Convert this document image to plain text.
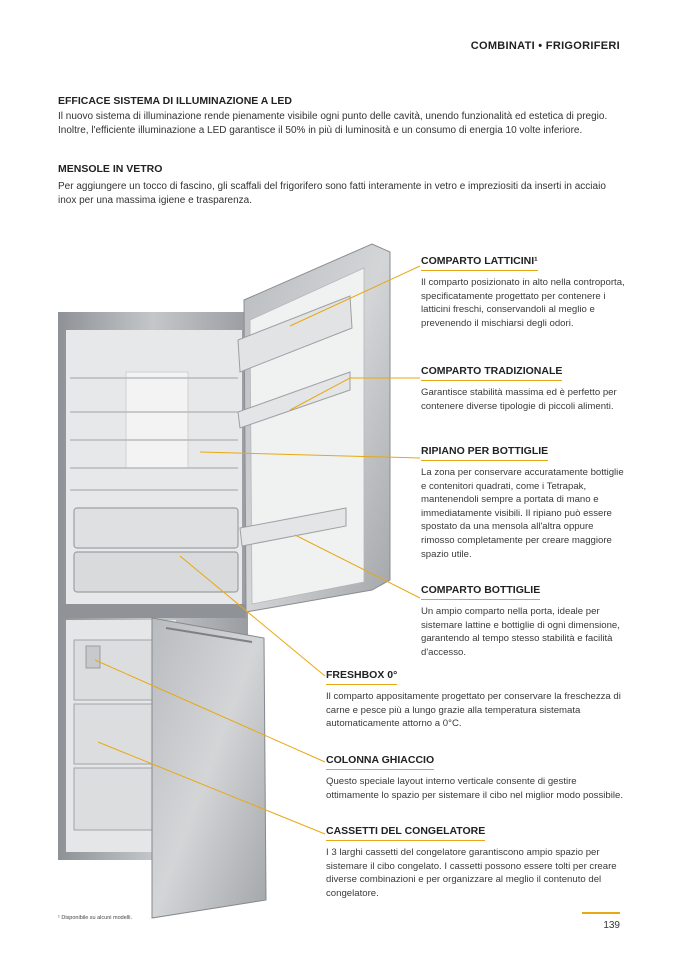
COMBINATI • FRIGORIFERI
EFFICACE SISTEMA DI ILLUMINAZIONE A LED
Il nuovo sistema di illuminazione rende pienamente visibile ogni punto delle cavità, unendo funzionalità ed estetica di pregio. Inoltre, l'efficiente illuminazione a LED garantisce il 50% in più di luminosità e un consumo di energia 10 volte inferiore.
MENSOLE IN VETRO
Per aggiungere un tocco di fascino, gli scaffali del frigorifero sono fatti interamente in vetro e impreziositi da inserti in acciaio inox per una massima igiene e trasparenza.
COMPARTO LATTICINI¹

Il comparto posizionato in alto nella controporta, specificatamente progettato per contenere i latticini freschi, conservandoli al meglio e prevenendo il mischiarsi degli odori.

COMPARTO TRADIZIONALE

Garantisce stabilità massima ed è perfetto per contenere diverse tipologie di piccoli alimenti.

RIPIANO PER BOTTIGLIE

La zona per conservare accuratamente bottiglie e contenitori quadrati, come i Tetrapak, mantenendoli sempre a portata di mano e immediatamente visibili. Il ripiano può essere spostato da una mensola all'altra oppure rimosso completamente per creare maggiore spazio utile.

COMPARTO BOTTIGLIE

Un ampio comparto nella porta, ideale per sistemare lattine e bottiglie di ogni dimensione, garantendo al tempo stesso stabilità e facilità d'accesso.

FRESHBOX 0°

Il comparto appositamente progettato per conservare la freschezza di carne e pesce più a lungo grazie alla temperatura sistemata automaticamente attorno a 0°C.

COLONNA GHIACCIO

Questo speciale layout interno verticale consente di gestire ottimamente lo spazio per sistemare il cibo nel miglior modo possibile.

CASSETTI DEL CONGELATORE

I 3 larghi cassetti del congelatore garantiscono ampio spazio per sistemare il cibo congelato. I cassetti possono essere tolti per creare diverse combinazioni e per organizzare al meglio il contenuto del congelatore.

¹ Disponibile su alcuni modelli.
139
